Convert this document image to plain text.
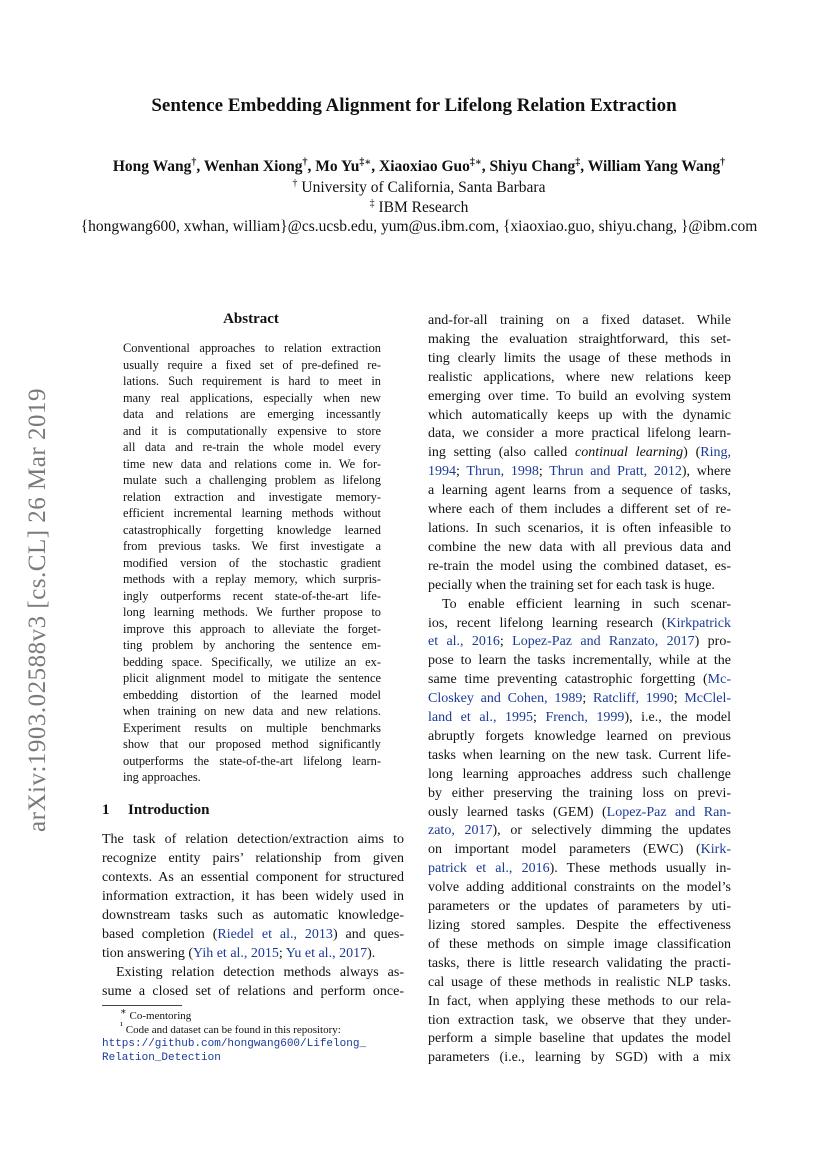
arXiv:1903.02588v3 [cs.CL] 26 Mar 2019
Sentence Embedding Alignment for Lifelong Relation Extraction
Hong Wang†, Wenhan Xiong†, Mo Yu‡∗, Xiaoxiao Guo‡∗, Shiyu Chang‡, William Yang Wang†
† University of California, Santa Barbara
‡ IBM Research
{hongwang600, xwhan, william}@cs.ucsb.edu, yum@us.ibm.com, {xiaoxiao.guo, shiyu.chang, }@ibm.com
Abstract
Conventional approaches to relation extraction
usually require a fixed set of pre-defined re-
lations. Such requirement is hard to meet in
many real applications, especially when new
data and relations are emerging incessantly
and it is computationally expensive to store
all data and re-train the whole model every
time new data and relations come in. We for-
mulate such a challenging problem as lifelong
relation extraction and investigate memory-
efficient incremental learning methods without
catastrophically forgetting knowledge learned
from previous tasks. We first investigate a
modified version of the stochastic gradient
methods with a replay memory, which surpris-
ingly outperforms recent state-of-the-art life-
long learning methods. We further propose to
improve this approach to alleviate the forget-
ting problem by anchoring the sentence em-
bedding space. Specifically, we utilize an ex-
plicit alignment model to mitigate the sentence
embedding distortion of the learned model
when training on new data and new relations.
Experiment results on multiple benchmarks
show that our proposed method significantly
outperforms the state-of-the-art lifelong learn-
ing approaches.
1 Introduction
The task of relation detection/extraction aims to
recognize entity pairs’ relationship from given
contexts. As an essential component for structured
information extraction, it has been widely used in
downstream tasks such as automatic knowledge-
based completion (Riedel et al., 2013) and ques-
tion answering (Yih et al., 2015; Yu et al., 2017).
Existing relation detection methods always as-
sume a closed set of relations and perform once-
∗ Co-mentoring
¹ Code and dataset can be found in this repository:
https://github.com/hongwang600/Lifelong_
Relation_Detection
and-for-all training on a fixed dataset. While
making the evaluation straightforward, this set-
ting clearly limits the usage of these methods in
realistic applications, where new relations keep
emerging over time. To build an evolving system
which automatically keeps up with the dynamic
data, we consider a more practical lifelong learn-
ing setting (also called continual learning) (Ring,
1994; Thrun, 1998; Thrun and Pratt, 2012), where
a learning agent learns from a sequence of tasks,
where each of them includes a different set of re-
lations. In such scenarios, it is often infeasible to
combine the new data with all previous data and
re-train the model using the combined dataset, es-
pecially when the training set for each task is huge.
To enable efficient learning in such scenar-
ios, recent lifelong learning research (Kirkpatrick
et al., 2016; Lopez-Paz and Ranzato, 2017) pro-
pose to learn the tasks incrementally, while at the
same time preventing catastrophic forgetting (Mc-
Closkey and Cohen, 1989; Ratcliff, 1990; McClel-
land et al., 1995; French, 1999), i.e., the model
abruptly forgets knowledge learned on previous
tasks when learning on the new task. Current life-
long learning approaches address such challenge
by either preserving the training loss on previ-
ously learned tasks (GEM) (Lopez-Paz and Ran-
zato, 2017), or selectively dimming the updates
on important model parameters (EWC) (Kirk-
patrick et al., 2016). These methods usually in-
volve adding additional constraints on the model’s
parameters or the updates of parameters by uti-
lizing stored samples. Despite the effectiveness
of these methods on simple image classification
tasks, there is little research validating the practi-
cal usage of these methods in realistic NLP tasks.
In fact, when applying these methods to our rela-
tion extraction task, we observe that they under-
perform a simple baseline that updates the model
parameters (i.e., learning by SGD) with a mix
